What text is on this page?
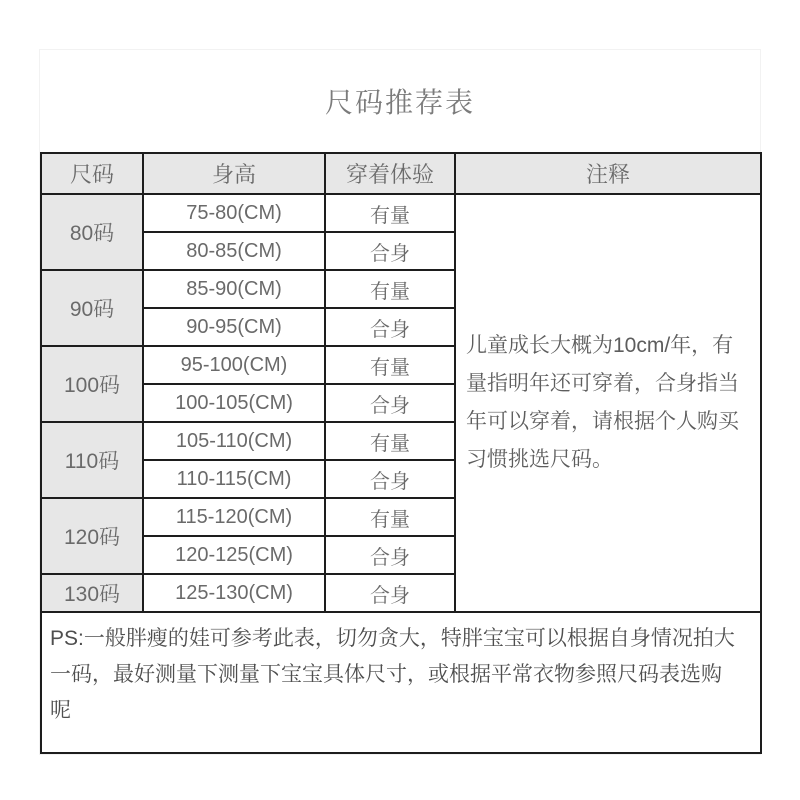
尺码推荐表
尺码	身高	穿着体验	注释
80码	75-80(CM)	有量	儿童成长大概为10cm/年，有量指明年还可穿着，合身指当年可以穿着，请根据个人购买习惯挑选尺码。
	80-85(CM)	合身	
90码	85-90(CM)	有量	
	90-95(CM)	合身	
100码	95-100(CM)	有量	
	100-105(CM)	合身	
110码	105-110(CM)	有量	
	110-115(CM)	合身	
120码	115-120(CM)	有量	
	120-125(CM)	合身	
130码	125-130(CM)	合身	
PS:一般胖瘦的娃可参考此表，切勿贪大，特胖宝宝可以根据自身情况拍大一码，最好测量下测量下宝宝具体尺寸，或根据平常衣物参照尺码表选购呢			
